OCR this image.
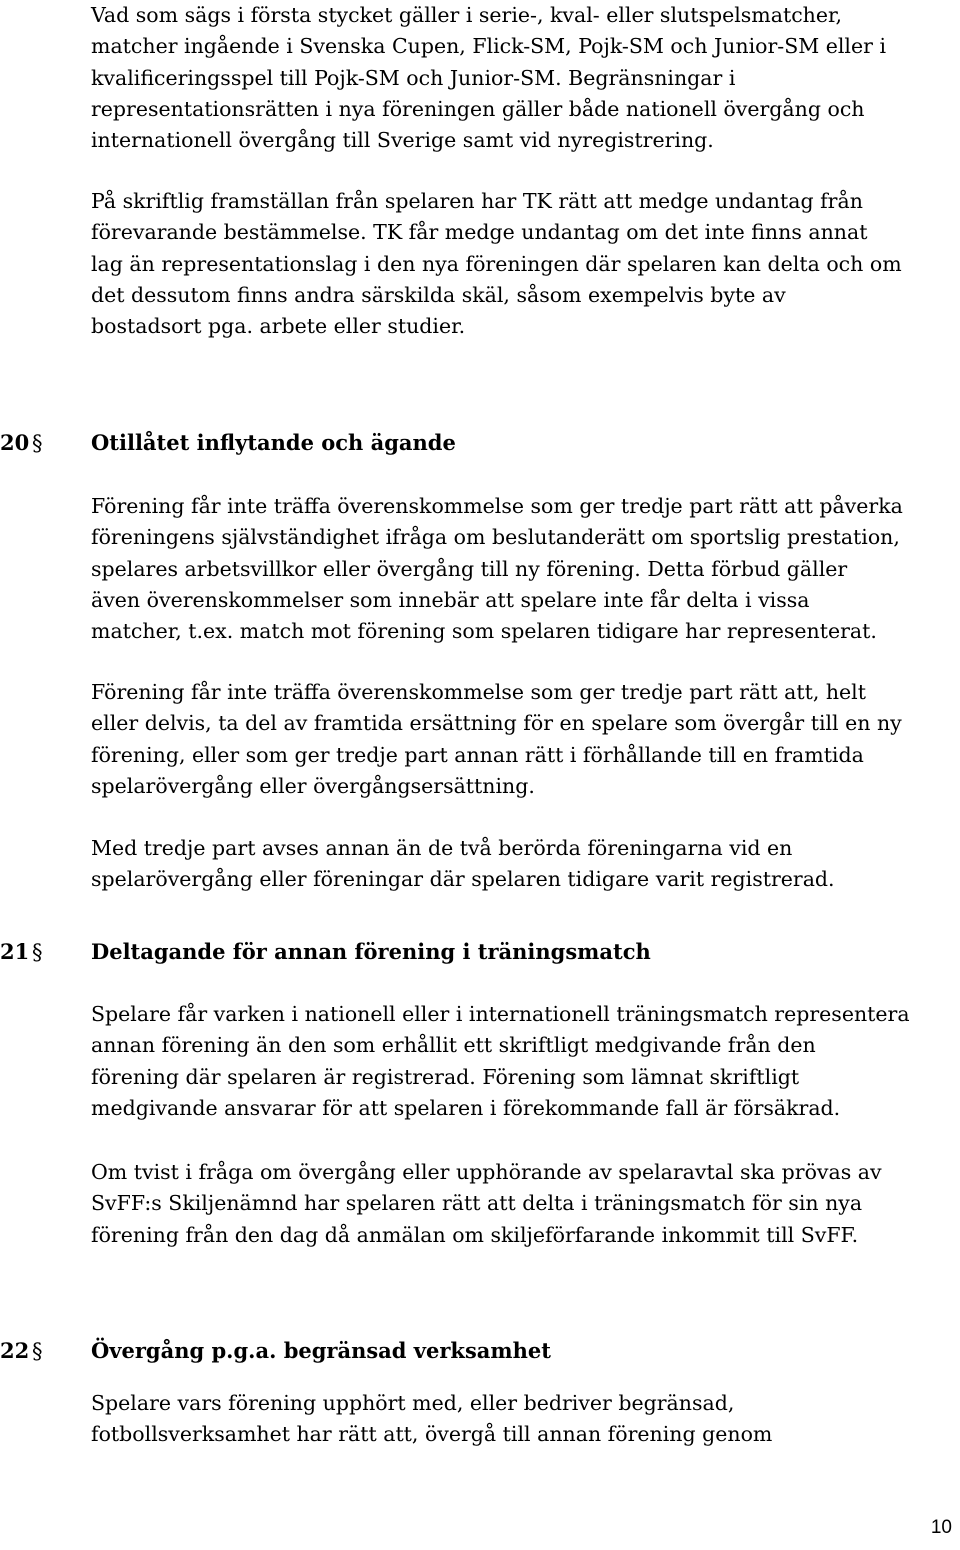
Vad som sägs i första stycket gäller i serie-, kval- eller slutspelsmatcher,
matcher ingående i Svenska Cupen, Flick-SM, Pojk-SM och Junior-SM eller i
kvalificeringsspel till Pojk-SM och Junior-SM. Begränsningar i
representationsrätten i nya föreningen gäller både nationell övergång och
internationell övergång till Sverige samt vid nyregistrering.

På skriftlig framställan från spelaren har TK rätt att medge undantag från
förevarande bestämmelse. TK får medge undantag om det inte finns annat
lag än representationslag i den nya föreningen där spelaren kan delta och om
det dessutom finns andra särskilda skäl, såsom exempelvis byte av
bostadsort pga. arbete eller studier.

20 § Otillåtet inflytande och ägande

Förening får inte träffa överenskommelse som ger tredje part rätt att påverka
föreningens självständighet ifråga om beslutanderätt om sportslig prestation,
spelares arbetsvillkor eller övergång till ny förening. Detta förbud gäller
även överenskommelser som innebär att spelare inte får delta i vissa
matcher, t.ex. match mot förening som spelaren tidigare har representerat.

Förening får inte träffa överenskommelse som ger tredje part rätt att, helt
eller delvis, ta del av framtida ersättning för en spelare som övergår till en ny
förening, eller som ger tredje part annan rätt i förhållande till en framtida
spelarövergång eller övergångsersättning.

Med tredje part avses annan än de två berörda föreningarna vid en
spelarövergång eller föreningar där spelaren tidigare varit registrerad.

21 § Deltagande för annan förening i träningsmatch

Spelare får varken i nationell eller i internationell träningsmatch representera
annan förening än den som erhållit ett skriftligt medgivande från den
förening där spelaren är registrerad. Förening som lämnat skriftligt
medgivande ansvarar för att spelaren i förekommande fall är försäkrad.

Om tvist i fråga om övergång eller upphörande av spelaravtal ska prövas av
SvFF:s Skiljenämnd har spelaren rätt att delta i träningsmatch för sin nya
förening från den dag då anmälan om skiljeförfarande inkommit till SvFF.

22 § Övergång p.g.a. begränsad verksamhet

Spelare vars förening upphört med, eller bedriver begränsad,
fotbollsverksamhet har rätt att, övergå till annan förening genom

10
